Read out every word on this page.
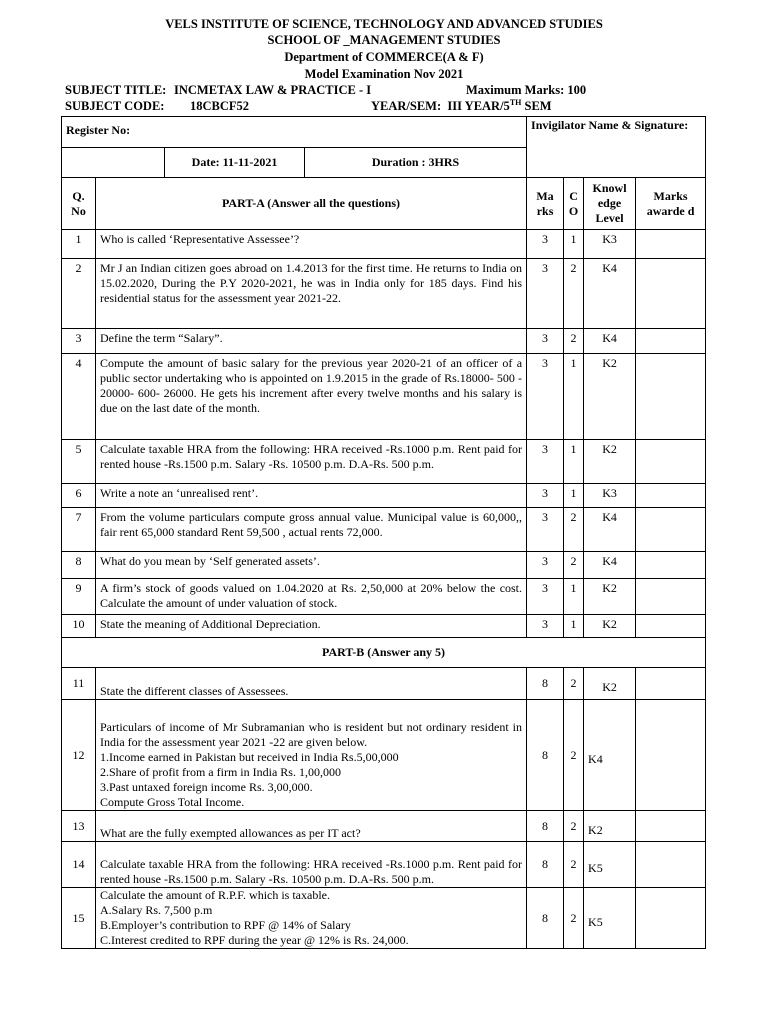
VELS INSTITUTE OF SCIENCE, TECHNOLOGY AND ADVANCED STUDIES
SCHOOL OF _MANAGEMENT STUDIES
Department of COMMERCE(A & F)
Model Examination Nov 2021
SUBJECT TITLE: INCMETAX LAW & PRACTICE - I	Maximum Marks: 100
SUBJECT CODE: 18CBCF52	YEAR/SEM: III YEAR/5TH SEM
Register No:				Invigilator Name & Signature:			
		Date: 11-11-2021	Duration : 3HRS				
Q. No	PART-A (Answer all the questions)			Ma rks	C O	Knowl edge Level	Marks awarde d
1	Who is called ‘Representative Assessee’?			3	1	K3	
2	Mr J an Indian citizen goes abroad on 1.4.2013 for the first time. He returns to India on 15.02.2020, During the P.Y 2020-2021, he was in India only for 185 days. Find his residential status for the assessment year 2021-22.			3	2	K4	
3	Define the term “Salary”.			3	2	K4	
4	Compute the amount of basic salary for the previous year 2020-21 of an officer of a public sector undertaking who is appointed on 1.9.2015 in the grade of Rs.18000- 500 - 20000- 600- 26000. He gets his increment after every twelve months and his salary is due on the last date of the month.			3	1	K2	
5	Calculate taxable HRA from the following: HRA received -Rs.1000 p.m. Rent paid for rented house -Rs.1500 p.m. Salary -Rs. 10500 p.m. D.A-Rs. 500 p.m.			3	1	K2	
6	Write a note an ‘unrealised rent’.			3	1	K3	
7	From the volume particulars compute gross annual value. Municipal value is 60,000,, fair rent 65,000 standard Rent 59,500 , actual rents 72,000.			3	2	K4	
8	What do you mean by ‘Self generated assets’.			3	2	K4	
9	A firm’s stock of goods valued on 1.04.2020 at Rs. 2,50,000 at 20% below the cost. Calculate the amount of under valuation of stock.			3	1	K2	
10	State the meaning of Additional Depreciation.			3	1	K2	
PART-B (Answer any 5)							
11	State the different classes of Assessees.			8	2	K2	
12	Particulars of income of Mr Subramanian who is resident but not ordinary resident in India for the assessment year 2021 -22 are given below.
1.Income earned in Pakistan but received in India Rs.5,00,000
2.Share of profit from a firm in India Rs. 1,00,000
3.Past untaxed foreign income Rs. 3,00,000.
Compute Gross Total Income.			8	2	K4	
13	What are the fully exempted allowances as per IT act?			8	2	K2	
14	Calculate taxable HRA from the following: HRA received -Rs.1000 p.m. Rent paid for rented house -Rs.1500 p.m. Salary -Rs. 10500 p.m. D.A-Rs. 500 p.m.			8	2	K5	
15	Calculate the amount of R.P.F. which is taxable.
A.Salary Rs. 7,500 p.m
B.Employer’s contribution to RPF @ 14% of Salary
C.Interest credited to RPF during the year @ 12% is Rs. 24,000.			8	2	K5	
